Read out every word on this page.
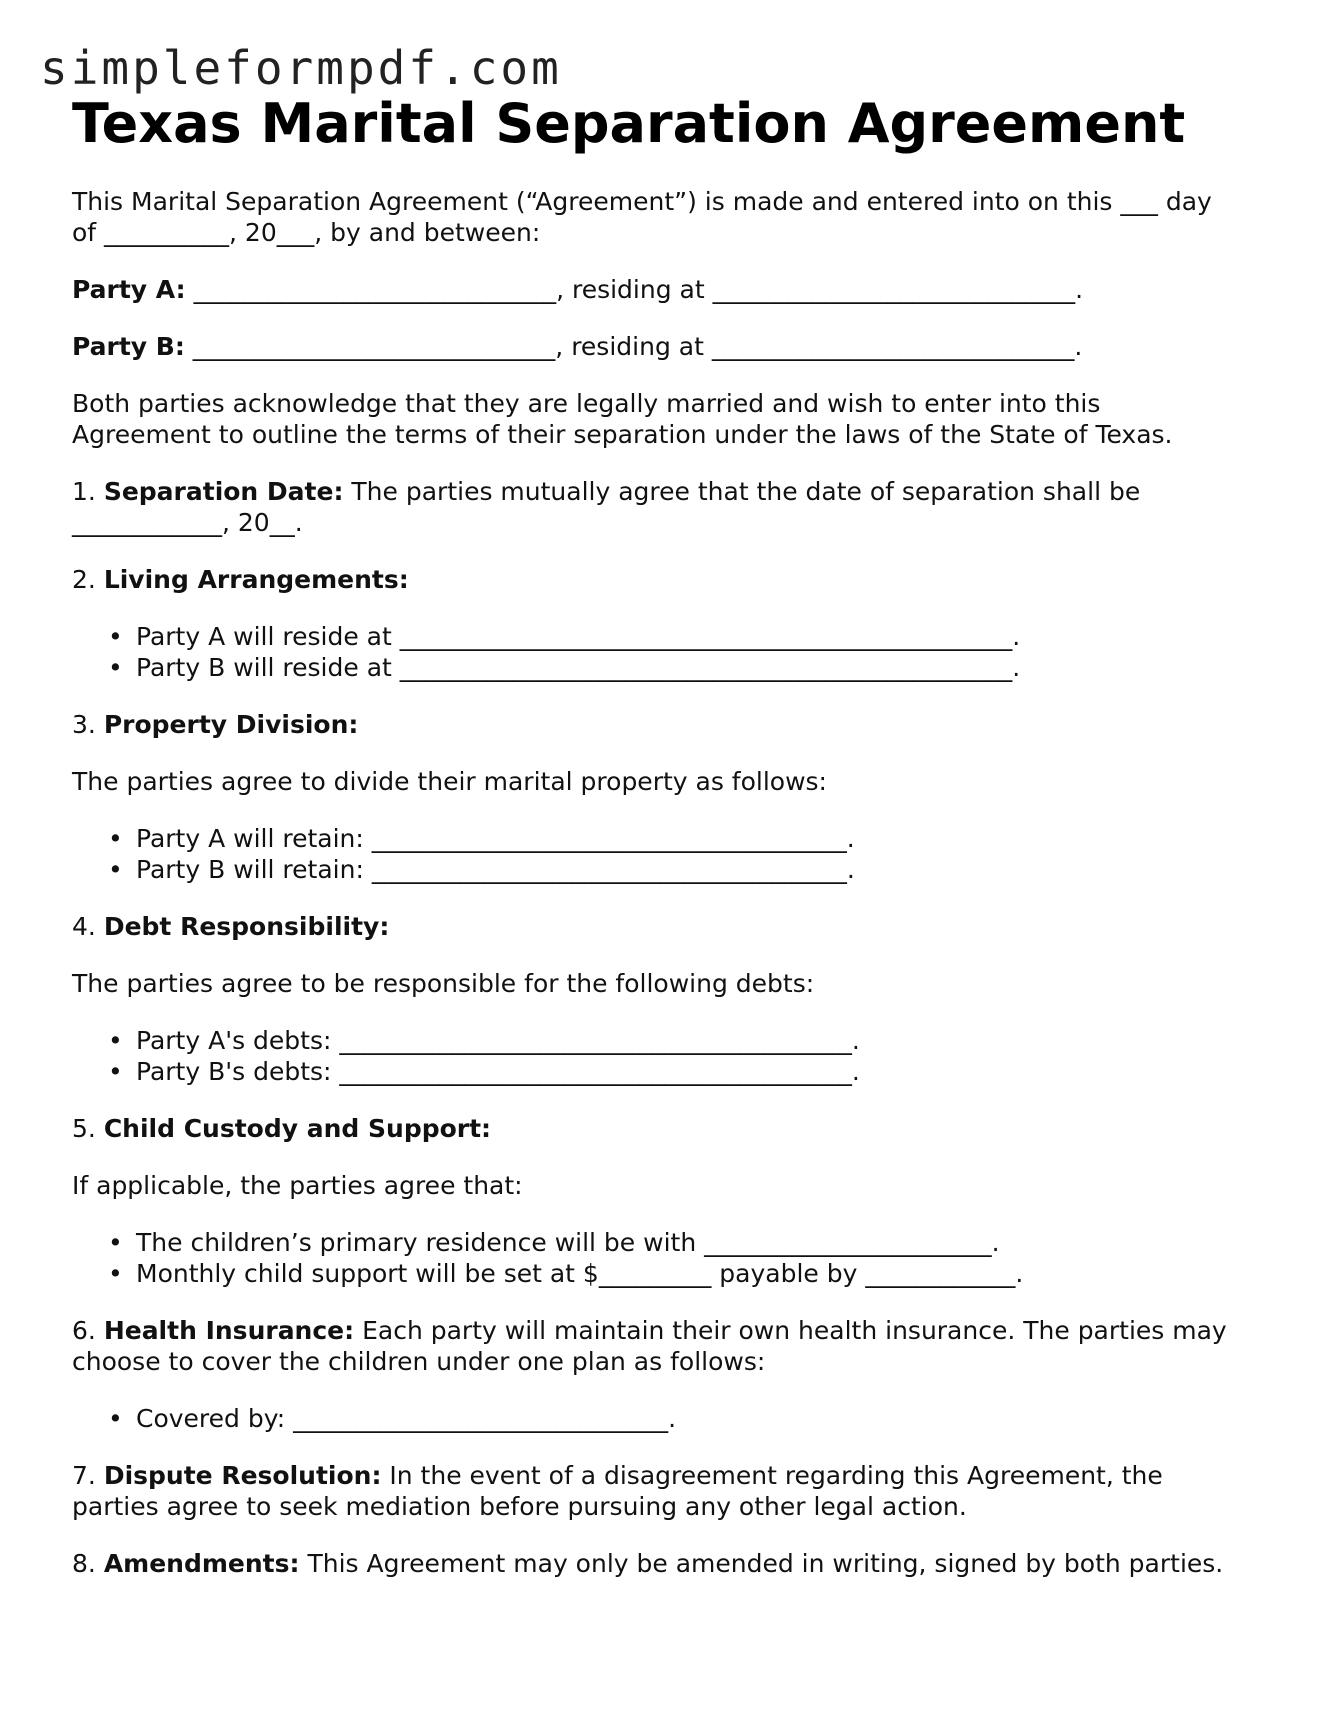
simpleformpdf.com
Texas Marital Separation Agreement

This Marital Separation Agreement (“Agreement”) is made and entered into on this ___ day of __________, 20___, by and between:

Party A: _____________________________, residing at _____________________________.

Party B: _____________________________, residing at _____________________________.

Both parties acknowledge that they are legally married and wish to enter into this Agreement to outline the terms of their separation under the laws of the State of Texas.

1. Separation Date: The parties mutually agree that the date of separation shall be ____________, 20__.

2. Living Arrangements:

• Party A will reside at _________________________________________________.
• Party B will reside at _________________________________________________.

3. Property Division:

The parties agree to divide their marital property as follows:

• Party A will retain: ______________________________________.
• Party B will retain: ______________________________________.

4. Debt Responsibility:

The parties agree to be responsible for the following debts:

• Party A's debts: _________________________________________.
• Party B's debts: _________________________________________.

5. Child Custody and Support:

If applicable, the parties agree that:

• The children’s primary residence will be with _______________________.
• Monthly child support will be set at $_________ payable by ____________.

6. Health Insurance: Each party will maintain their own health insurance. The parties may choose to cover the children under one plan as follows:

• Covered by: ______________________________.

7. Dispute Resolution: In the event of a disagreement regarding this Agreement, the parties agree to seek mediation before pursuing any other legal action.

8. Amendments: This Agreement may only be amended in writing, signed by both parties.
